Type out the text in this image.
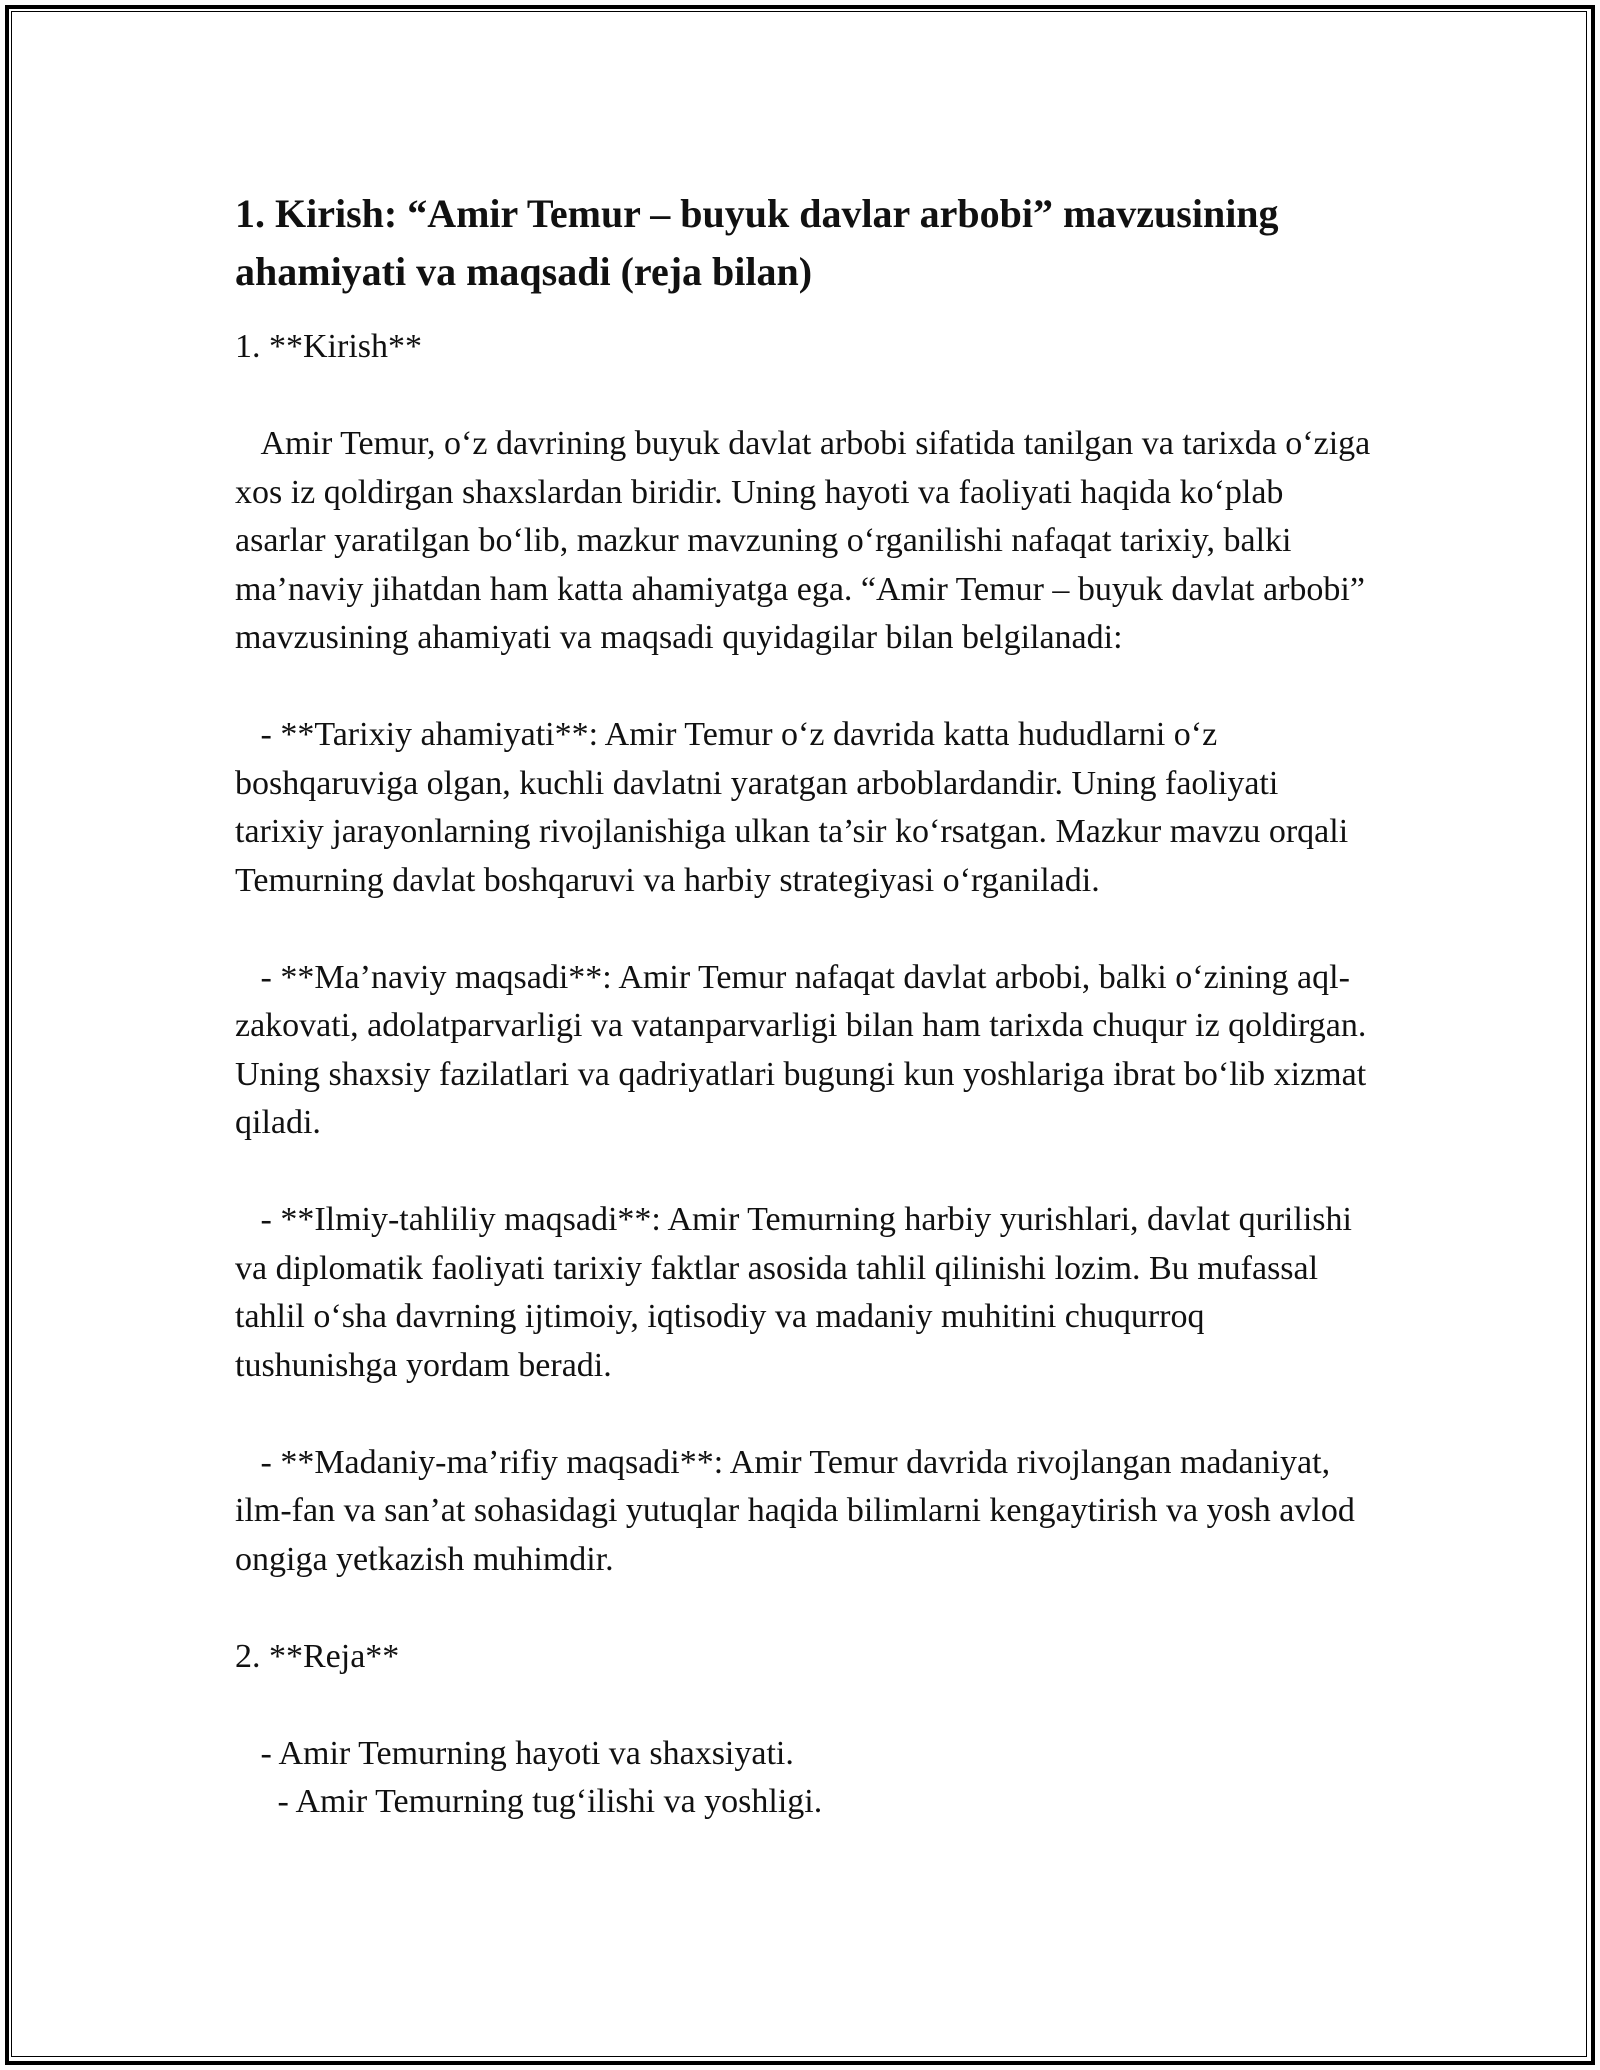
1. Kirish: “Amir Temur – buyuk davlar arbobi” mavzusining ahamiyati va maqsadi (reja bilan)

1. **Kirish**

Amir Temur, o‘z davrining buyuk davlat arbobi sifatida tanilgan va tarixda o‘ziga xos iz qoldirgan shaxslardan biridir. Uning hayoti va faoliyati haqida ko‘plab asarlar yaratilgan bo‘lib, mazkur mavzuning o‘rganilishi nafaqat tarixiy, balki ma’naviy jihatdan ham katta ahamiyatga ega. “Amir Temur – buyuk davlat arbobi” mavzusining ahamiyati va maqsadi quyidagilar bilan belgilanadi:

- **Tarixiy ahamiyati**: Amir Temur o‘z davrida katta hududlarni o‘z boshqaruviga olgan, kuchli davlatni yaratgan arboblardandir. Uning faoliyati tarixiy jarayonlarning rivojlanishiga ulkan ta’sir ko‘rsatgan. Mazkur mavzu orqali Temurning davlat boshqaruvi va harbiy strategiyasi o‘rganiladi.

- **Ma’naviy maqsadi**: Amir Temur nafaqat davlat arbobi, balki o‘zining aql-zakovati, adolatparvarligi va vatanparvarligi bilan ham tarixda chuqur iz qoldirgan. Uning shaxsiy fazilatlari va qadriyatlari bugungi kun yoshlariga ibrat bo‘lib xizmat qiladi.

- **Ilmiy-tahliliy maqsadi**: Amir Temurning harbiy yurishlari, davlat qurilishi va diplomatik faoliyati tarixiy faktlar asosida tahlil qilinishi lozim. Bu mufassal tahlil o‘sha davrning ijtimoiy, iqtisodiy va madaniy muhitini chuqurroq tushunishga yordam beradi.

- **Madaniy-ma’rifiy maqsadi**: Amir Temur davrida rivojlangan madaniyat, ilm-fan va san’at sohasidagi yutuqlar haqida bilimlarni kengaytirish va yosh avlod ongiga yetkazish muhimdir.

2. **Reja**

- Amir Temurning hayoti va shaxsiyati.
- Amir Temurning tug‘ilishi va yoshligi.
